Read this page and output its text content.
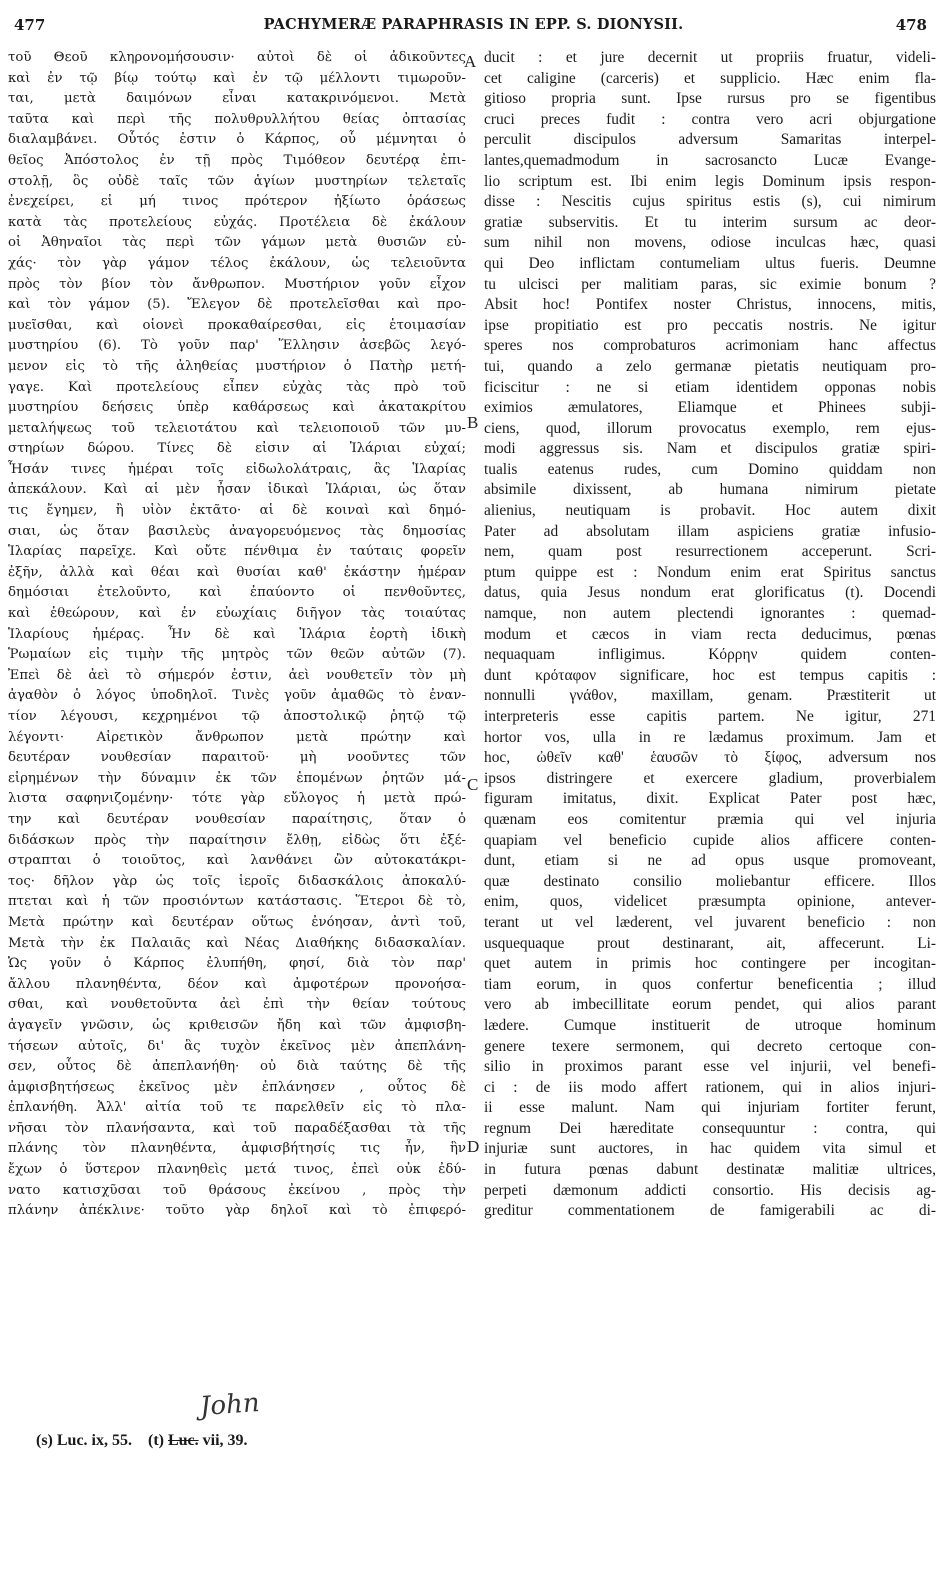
477	PACHYMERÆ PARAPHRASIS IN EPP. S. DIONYSII.	478
τοῦ Θεοῦ κληρονομήσουσιν· αὐτοὶ δὲ οἱ ἀδικοῦντες
καὶ ἐν τῷ βίῳ τούτῳ καὶ ἐν τῷ μέλλοντι τιμωροῦν-
ται, μετὰ δαιμόνων εἶναι κατακρινόμενοι. Μετὰ
ταῦτα καὶ περὶ τῆς πολυθρυλλήτου θείας ὀπτασίας
διαλαμβάνει. Οὗτός ἐστιν ὁ Κάρπος, οὗ μέμνηται ὁ
θεῖος Ἀπόστολος ἐν τῇ πρὸς Τιμόθεον δευτέρᾳ ἐπι-
στολῇ, ὃς οὐδὲ ταῖς τῶν ἁγίων μυστηρίων τελεταῖς
ἐνεχείρει, εἰ μή τινος πρότερον ἠξίωτο ὁράσεως
κατὰ τὰς προτελείους εὐχάς. Προτέλεια δὲ ἐκάλουν
οἱ Ἀθηναῖοι τὰς περὶ τῶν γάμων μετὰ θυσιῶν εὐ-
χάς· τὸν γὰρ γάμον τέλος ἐκάλουν, ὡς τελειοῦντα
πρὸς τὸν βίον τὸν ἄνθρωπον. Μυστήριον γοῦν εἶχον
καὶ τὸν γάμον (5). Ἔλεγον δὲ προτελεῖσθαι καὶ προ-
μυεῖσθαι, καὶ οἱονεὶ προκαθαίρεσθαι, εἰς ἑτοιμασίαν
μυστηρίου (6). Τὸ γοῦν παρ' Ἕλλησιν ἀσεβῶς λεγό-
μενον εἰς τὸ τῆς ἀληθείας μυστήριον ὁ Πατὴρ μετή-
γαγε. Καὶ προτελείους εἶπεν εὐχὰς τὰς πρὸ τοῦ
μυστηρίου δεήσεις ὑπὲρ καθάρσεως καὶ ἀκατακρίτου
μεταλήψεως τοῦ τελειοτάτου καὶ τελειοποιοῦ τῶν μυ-
στηρίων δώρου. Τίνες δὲ εἰσιν αἱ Ἱλάριαι εὐχαί;
Ἦσάν τινες ἡμέραι τοῖς εἰδωλολάτραις, ἃς Ἱλαρίας
ἀπεκάλουν. Καὶ αἱ μὲν ἦσαν ἰδικαὶ Ἱλάριαι, ὡς ὅταν
τις ἔγημεν, ἢ υἱὸν ἐκτᾶτο· αἱ δὲ κοιναὶ καὶ δημό-
σιαι, ὡς ὅταν βασιλεὺς ἀναγορευόμενος τὰς δημοσίας
Ἱλαρίας παρεῖχε. Καὶ οὔτε πένθιμα ἐν ταύταις φορεῖν
ἐξῆν, ἀλλὰ καὶ θέαι καὶ θυσίαι καθ' ἑκάστην ἡμέραν
δημόσιαι ἐτελοῦντο, καὶ ἐπαύοντο οἱ πενθοῦντες,
καὶ ἐθεώρουν, καὶ ἐν εὐωχίαις διῆγον τὰς τοιαύτας
Ἱλαρίους ἡμέρας. Ἦν δὲ καὶ Ἱλάρια ἑορτὴ ἰδικὴ
Ῥωμαίων εἰς τιμὴν τῆς μητρὸς τῶν θεῶν αὐτῶν (7).
Ἐπεὶ δὲ ἀεὶ τὸ σήμερόν ἐστιν, ἀεὶ νουθετεῖν τὸν μὴ
ἀγαθὸν ὁ λόγος ὑποδηλοῖ. Τινὲς γοῦν ἀμαθῶς τὸ ἐναν-
τίον λέγουσι, κεχρημένοι τῷ ἀποστολικῷ ῥητῷ τῷ
λέγοντι· Αἱρετικὸν ἄνθρωπον μετὰ πρώτην καὶ
δευτέραν νουθεσίαν παραιτοῦ· μὴ νοοῦντες τῶν
εἰρημένων τὴν δύναμιν ἐκ τῶν ἑπομένων ῥητῶν μά-
λιστα σαφηνιζομένην· τότε γὰρ εὔλογος ἡ μετὰ πρώ-
την καὶ δευτέραν νουθεσίαν παραίτησις, ὅταν ὁ
διδάσκων πρὸς τὴν παραίτησιν ἔλθῃ, εἰδὼς ὅτι ἐξέ-
στραπται ὁ τοιοῦτος, καὶ λανθάνει ὢν αὐτοκατάκρι-
τος· δῆλον γὰρ ὡς τοῖς ἱεροῖς διδασκάλοις ἀποκαλύ-
πτεται καὶ ἡ τῶν προσιόντων κατάστασις. Ἕτεροι δὲ τὸ,
Μετὰ πρώτην καὶ δευτέραν οὕτως ἐνόησαν, ἀντὶ τοῦ,
Μετὰ τὴν ἐκ Παλαιᾶς καὶ Νέας Διαθήκης διδασκαλίαν.
Ὡς γοῦν ὁ Κάρπος ἐλυπήθη, φησί, διὰ τὸν παρ'
ἄλλου πλανηθέντα, δέον καὶ ἀμφοτέρων προνοήσα-
σθαι, καὶ νουθετοῦντα ἀεὶ ἐπὶ τὴν θείαν τούτους
ἀγαγεῖν γνῶσιν, ὡς κριθεισῶν ἤδη καὶ τῶν ἀμφισβη-
τήσεων αὐτοῖς, δι' ἃς τυχὸν ἐκεῖνος μὲν ἀπεπλάνη-
σεν, οὗτος δὲ ἀπεπλανήθη· οὐ διὰ ταύτης δὲ τῆς
ἀμφισβητήσεως ἐκεῖνος μὲν ἐπλάνησεν , οὗτος δὲ
ἐπλανήθη. Ἀλλ' αἰτία τοῦ τε παρελθεῖν εἰς τὸ πλα-
νῆσαι τὸν πλανήσαντα, καὶ τοῦ παραδέξασθαι τὰ τῆς
πλάνης τὸν πλανηθέντα, ἀμφισβήτησίς τις ἦν, ἣν
ἔχων ὁ ὕστερον πλανηθεὶς μετά τινος, ἐπεὶ οὐκ ἐδύ-
νατο κατισχῦσαι τοῦ θράσους ἐκείνου , πρὸς τὴν
πλάνην ἀπέκλινε· τοῦτο γὰρ δηλοῖ καὶ τὸ ἐπιφερό-
ducit : et jure decernit ut propriis fruatur, videli-
cet caligine (carceris) et supplicio. Hæc enim fla-
gitioso propria sunt. Ipse rursus pro se figentibus
cruci preces fudit : contra vero acri objurgatione
perculit discipulos adversum Samaritas interpel-
lantes,quemadmodum in sacrosancto Lucæ Evange-
lio scriptum est. Ibi enim legis Dominum ipsis respon-
disse : Nescitis cujus spiritus estis (s), cui nimirum
gratiæ subservitis. Et tu interim sursum ac deor-
sum nihil non movens, odiose inculcas hæc, quasi
qui Deo inflictam contumeliam ultus fueris. Deumne
tu ulcisci per malitiam paras, sic eximie bonum ?
Absit hoc! Pontifex noster Christus, innocens, mitis,
ipse propitiatio est pro peccatis nostris. Ne igitur
speres nos comprobaturos acrimoniam hanc affectus
tui, quando a zelo germanæ pietatis neutiquam pro-
ficiscitur : ne si etiam identidem opponas nobis
eximios æmulatores, Eliamque et Phinees subji-
ciens, quod, illorum provocatus exemplo, rem ejus-
modi aggressus sis. Nam et discipulos gratiæ spiri-
tualis eatenus rudes, cum Domino quiddam non
absimile dixissent, ab humana nimirum pietate
alienius, neutiquam is probavit. Hoc autem dixit
Pater ad absolutam illam aspiciens gratiæ infusio-
nem, quam post resurrectionem acceperunt. Scri-
ptum quippe est : Nondum enim erat Spiritus sanctus
datus, quia Jesus nondum erat glorificatus (t). Docendi
namque, non autem plectendi ignorantes : quemad-
modum et cæcos in viam recta deducimus, pœnas
nequaquam infligimus. Κόρρην quidem conten-
dunt κρόταφον significare, hoc est tempus capitis :
nonnulli γνάθον, maxillam, genam. Præstiterit ut
interpreteris esse capitis partem. Ne igitur, 271
hortor vos, ulla in re lædamus proximum. Jam et
hoc, ὠθεῖν καθ' ἑαυσῶν τὸ ξίφος, adversum nos
ipsos distringere et exercere gladium, proverbialem
figuram imitatus, dixit. Explicat Pater post hæc,
quænam eos comitentur præmia qui vel injuria
quapiam vel beneficio cupide alios afficere conten-
dunt, etiam si ne ad opus usque promoveant,
quæ destinato consilio moliebantur efficere. Illos
enim, quos, videlicet præsumpta opinione, antever-
terant ut vel læderent, vel juvarent beneficio : non
usquequaque prout destinarant, ait, affecerunt. Li-
quet autem in primis hoc contingere per incogitan-
tiam eorum, in quos confertur beneficentia ; illud
vero ab imbecillitate eorum pendet, qui alios parant
lædere. Cumque instituerit de utroque hominum
genere texere sermonem, qui decreto certoque con-
silio in proximos parant esse vel injurii, vel benefi-
ci : de iis modo affert rationem, qui in alios injuri-
ii esse malunt. Nam qui injuriam fortiter ferunt,
regnum Dei hæreditate consequuntur : contra, qui
injuriæ sunt auctores, in hac quidem vita simul et
in futura pœnas dabunt destinatæ malitiæ ultrices,
perpeti dæmonum addicti consortio. His decisis ag-
greditur commentationem de famigerabili ac di-
A
B
C
D
John
(s) Luc. ix, 55. (t) Luc. vii, 39.
